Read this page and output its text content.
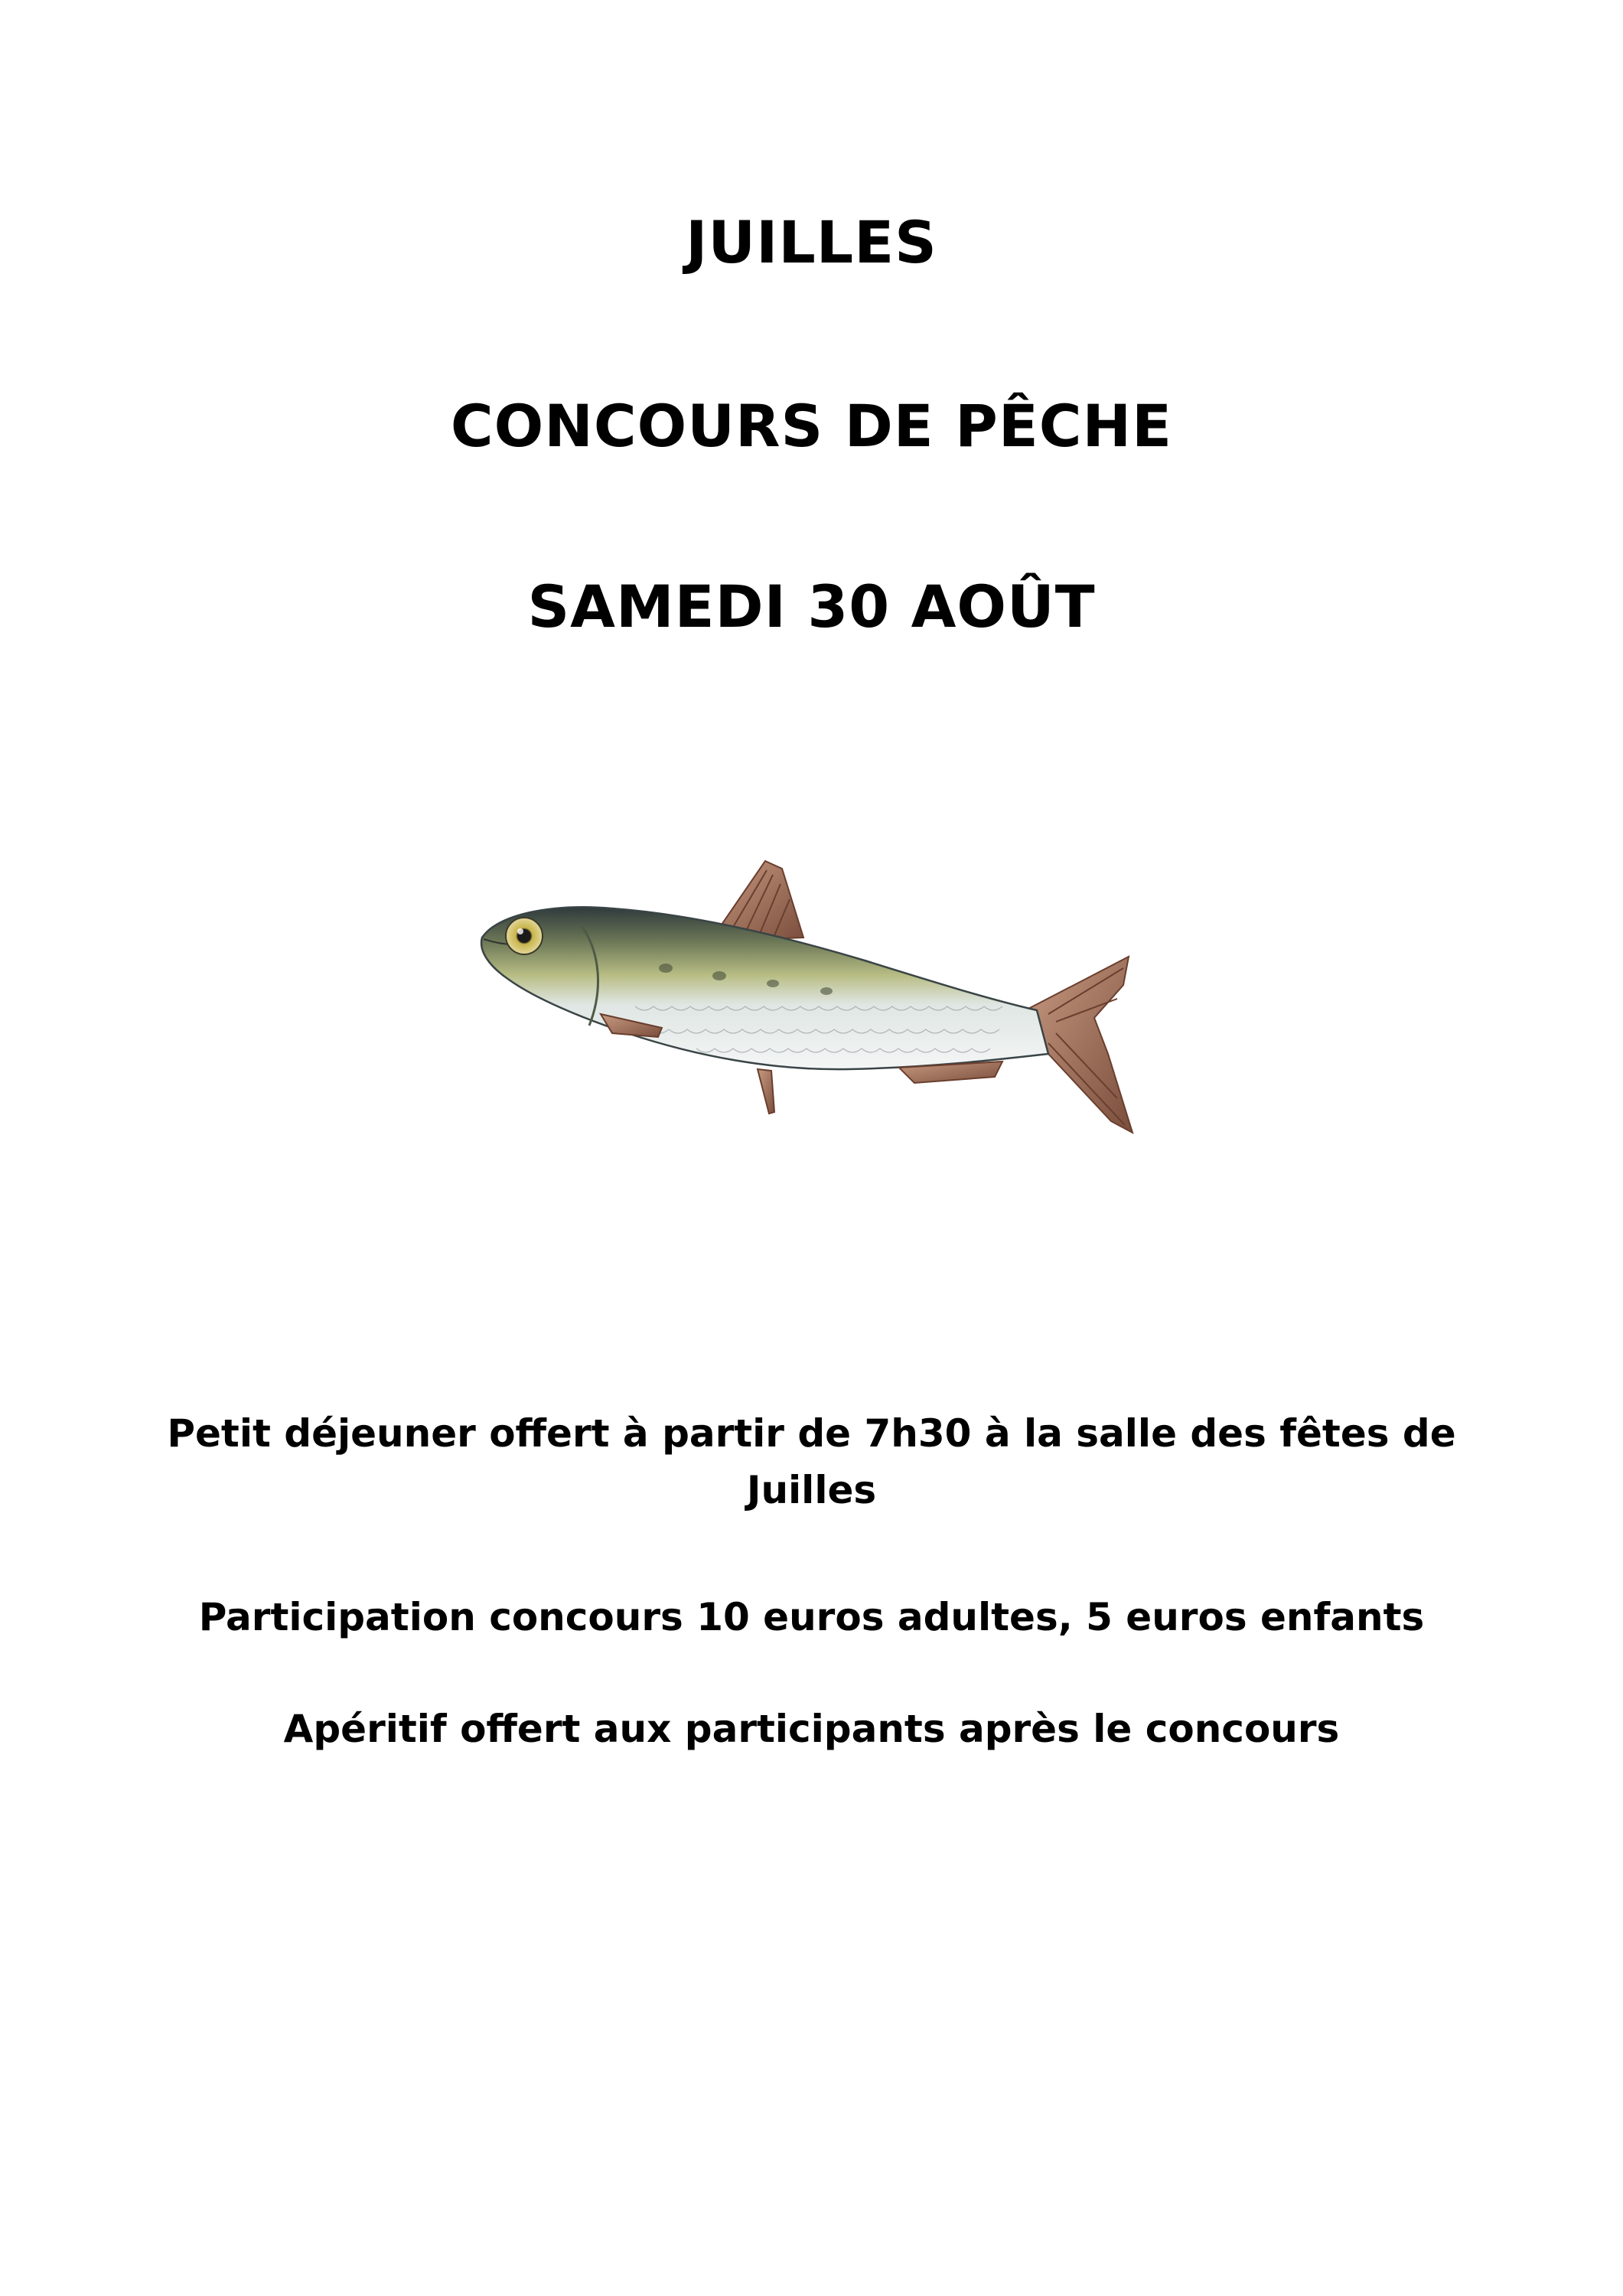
JUILLES
CONCOURS DE PÊCHE
SAMEDI 30 AOÛT

Petit déjeuner offert à partir de 7h30 à la salle des fêtes de Juilles

Participation concours 10 euros adultes, 5 euros enfants

Apéritif offert aux participants après le concours
